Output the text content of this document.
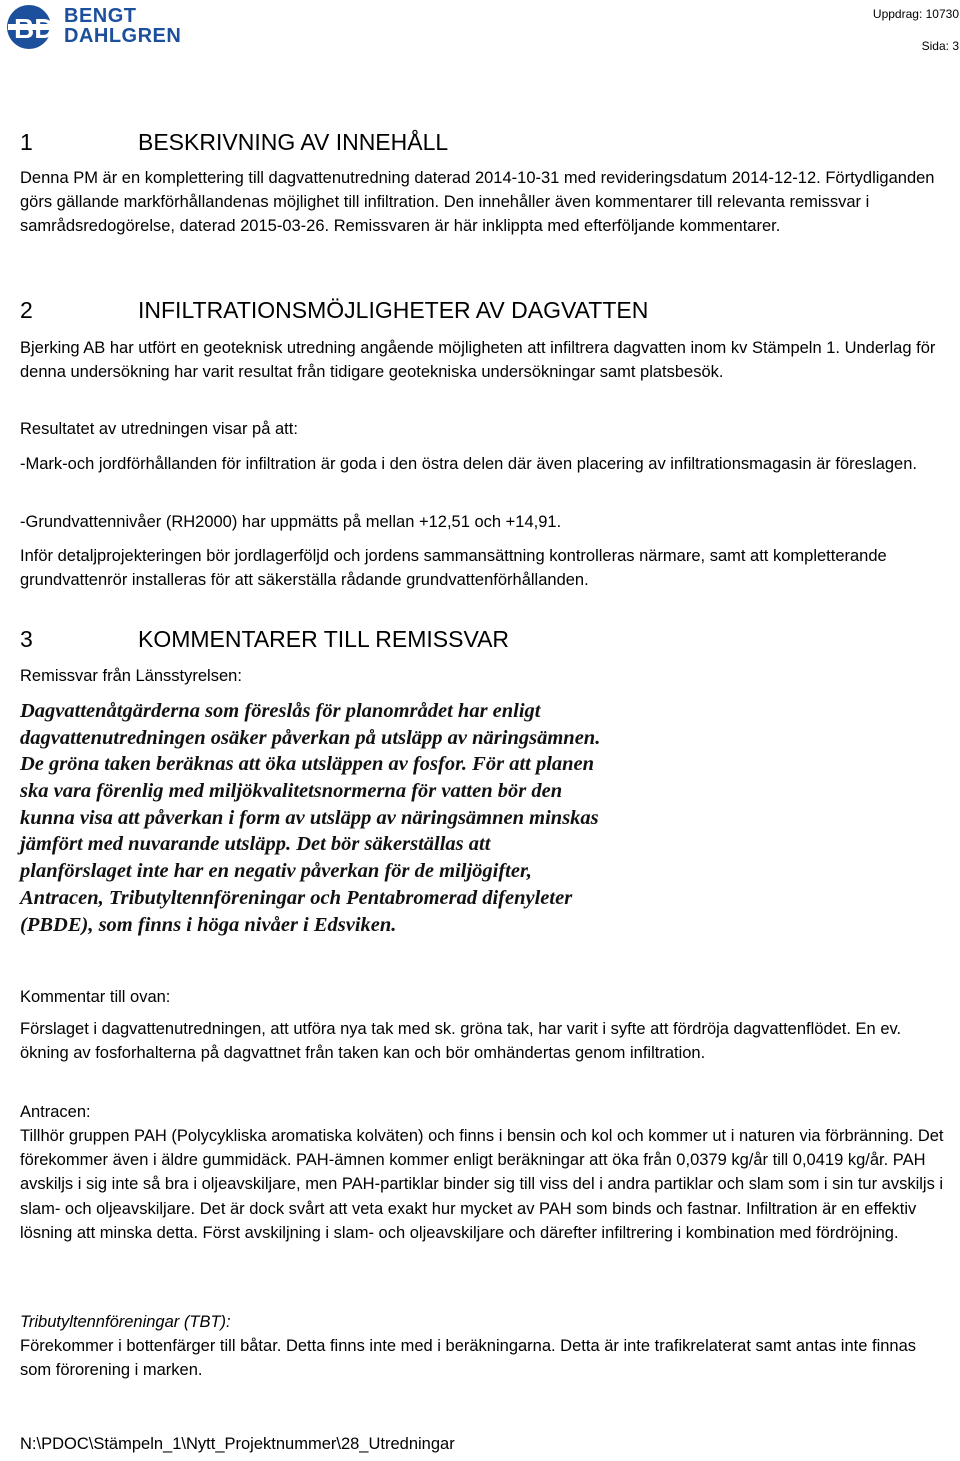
BD BENGT
DAHLGREN
Uppdrag: 10730
Sida: 3
1	BESKRIVNING AV INNEHÅLL

Denna PM är en komplettering till dagvattenutredning daterad 2014-10-31 med revideringsdatum 2014-12-12. Förtydliganden görs gällande markförhållandenas möjlighet till infiltration. Den innehåller även kommentarer till relevanta remissvar i samrådsredogörelse, daterad 2015-03-26. Remissvaren är här inklippta med efterföljande kommentarer.

2	INFILTRATIONSMÖJLIGHETER AV DAGVATTEN

Bjerking AB har utfört en geoteknisk utredning angående möjligheten att infiltrera dagvatten inom kv Stämpeln 1. Underlag för denna undersökning har varit resultat från tidigare geotekniska undersökningar samt platsbesök.

Resultatet av utredningen visar på att:

-Mark-och jordförhållanden för infiltration är goda i den östra delen där även placering av infiltrationsmagasin är föreslagen.

-Grundvattennivåer (RH2000) har uppmätts på mellan +12,51 och +14,91.

Inför detaljprojekteringen bör jordlagerföljd och jordens sammansättning kontrolleras närmare, samt att kompletterande grundvattenrör installeras för att säkerställa rådande grundvattenförhållanden.

3	KOMMENTARER TILL REMISSVAR

Remissvar från Länsstyrelsen:

Dagvattenåtgärderna som föreslås för planområdet har enligt
dagvattenutredningen osäker påverkan på utsläpp av näringsämnen.
De gröna taken beräknas att öka utsläppen av fosfor. För att planen
ska vara förenlig med miljökvalitetsnormerna för vatten bör den
kunna visa att påverkan i form av utsläpp av näringsämnen minskas
jämfört med nuvarande utsläpp. Det bör säkerställas att
planförslaget inte har en negativ påverkan för de miljögifter,
Antracen, Tributyltennföreningar och Pentabromerad difenyleter
(PBDE), som finns i höga nivåer i Edsviken.

Kommentar till ovan:

Förslaget i dagvattenutredningen, att utföra nya tak med sk. gröna tak, har varit i syfte att fördröja dagvattenflödet. En ev. ökning av fosforhalterna på dagvattnet från taken kan och bör omhändertas genom infiltration.

Antracen:

Tillhör gruppen PAH (Polycykliska aromatiska kolväten) och finns i bensin och kol och kommer ut i naturen via förbränning. Det förekommer även i äldre gummidäck. PAH-ämnen kommer enligt beräkningar att öka från 0,0379 kg/år till 0,0419 kg/år. PAH avskiljs i sig inte så bra i oljeavskiljare, men PAH-partiklar binder sig till viss del i andra partiklar och slam som i sin tur avskiljs i slam- och oljeavskiljare. Det är dock svårt att veta exakt hur mycket av PAH som binds och fastnar. Infiltration är en effektiv lösning att minska detta. Först avskiljning i slam- och oljeavskiljare och därefter infiltrering i kombination med fördröjning.

Tributyltennföreningar (TBT):

Förekommer i bottenfärger till båtar. Detta finns inte med i beräkningarna. Detta är inte trafikrelaterat samt antas inte finnas som förorening i marken.

N:\PDOC\Stämpeln_1\Nytt_Projektnummer\28_Utredningar
